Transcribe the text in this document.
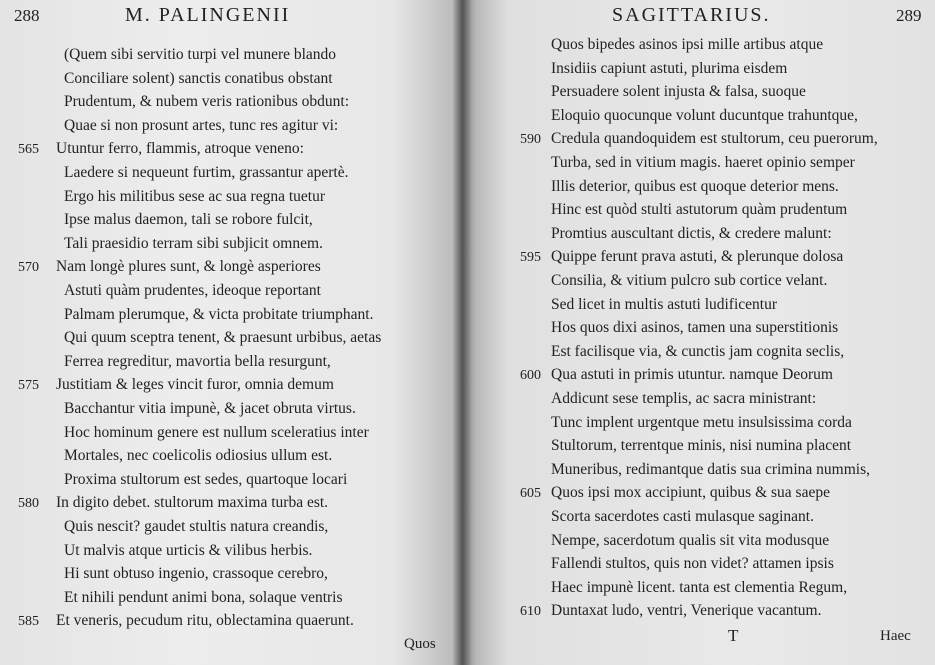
288	M. PALINGENII
(Quem sibi servitio turpi vel munere blando
Conciliare solent) sanctis conatibus obstant
Prudentum, & nubem veris rationibus obdunt:
Quae si non prosunt artes, tunc res agitur vi:
Utuntur ferro, flammis, atroque veneno:
Laedere si nequeunt furtim, grassantur apertè.
Ergo his militibus sese ac sua regna tuetur
Ipse malus daemon, tali se robore fulcit,
Tali praesidio terram sibi subjicit omnem.
Nam longè plures sunt, & longè asperiores
Astuti quàm prudentes, ideoque reportant
Palmam plerumque, & victa probitate triumphant.
Qui quum sceptra tenent, & praesunt urbibus, aetas
Ferrea regreditur, mavortia bella resurgunt,
Justitiam & leges vincit furor, omnia demum
Bacchantur vitia impunè, & jacet obruta virtus.
Hoc hominum genere est nullum sceleratius inter
Mortales, nec coelicolis odiosius ullum est.
Proxima stultorum est sedes, quartoque locari
In digito debet. stultorum maxima turba est.
Quis nescit? gaudet stultis natura creandis,
Ut malvis atque urticis & vilibus herbis.
Hi sunt obtuso ingenio, crassoque cerebro,
Et nihili pendunt animi bona, solaque ventris
Et veneris, pecudum ritu, oblectamina quaerunt.
565
570
575
580
585
Quos
SAGITTARIUS.	289
Quos bipedes asinos ipsi mille artibus atque
Insidiis capiunt astuti, plurima eisdem
Persuadere solent injusta & falsa, suoque
Eloquio quocunque volunt ducuntque trahuntque,
Credula quandoquidem est stultorum, ceu puerorum,
Turba, sed in vitium magis. haeret opinio semper
Illis deterior, quibus est quoque deterior mens.
Hinc est quòd stulti astutorum quàm prudentum
Promtius auscultant dictis, & credere malunt:
Quippe ferunt prava astuti, & plerunque dolosa
Consilia, & vitium pulcro sub cortice velant.
Sed licet in multis astuti ludificentur
Hos quos dixi asinos, tamen una superstitionis
Est facilisque via, & cunctis jam cognita seclis,
Qua astuti in primis utuntur. namque Deorum
Addicunt sese templis, ac sacra ministrant:
Tunc implent urgentque metu insulsissima corda
Stultorum, terrentque minis, nisi numina placent
Muneribus, redimantque datis sua crimina nummis,
Quos ipsi mox accipiunt, quibus & sua saepe
Scorta sacerdotes casti mulasque saginant.
Nempe, sacerdotum qualis sit vita modusque
Fallendi stultos, quis non videt? attamen ipsis
Haec impunè licent. tanta est clementia Regum,
Duntaxat ludo, ventri, Venerique vacantum.
590
595
600
605
610
T	Haec
